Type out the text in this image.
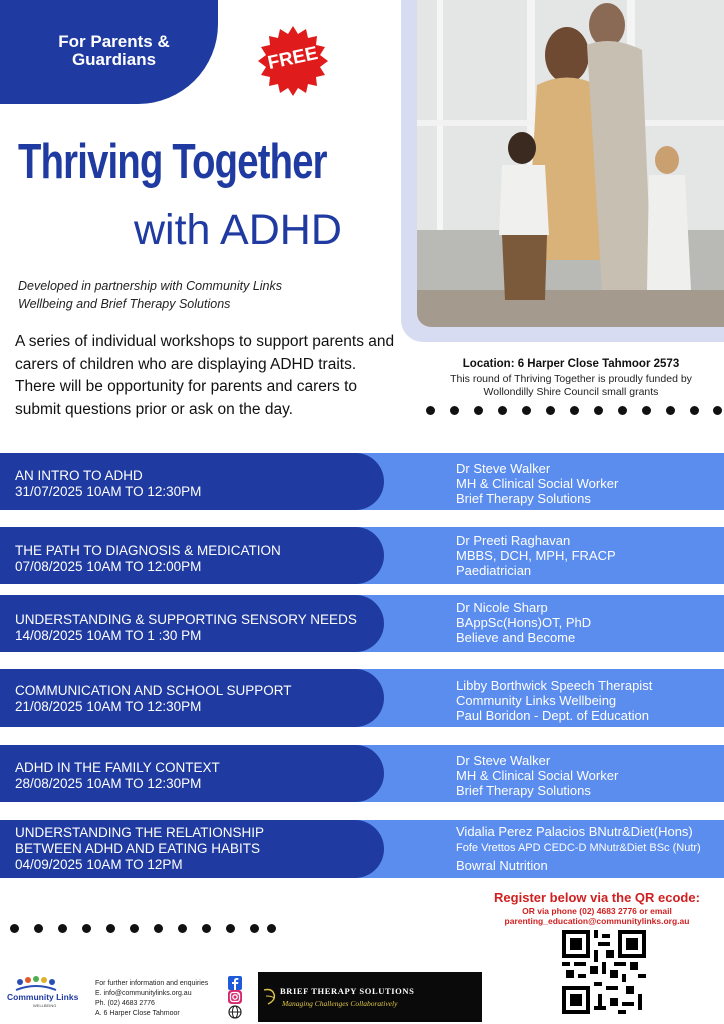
For Parents &
Guardians	FREE
Thriving Together
with ADHD
Developed in partnership with Community Links Wellbeing and Brief Therapy Solutions
A series of individual workshops to support parents and carers of children who are displaying ADHD traits. There will be opportunity for parents and carers to submit questions prior or ask on the day.
Location: 6 Harper Close Tahmoor 2573
This round of Thriving Together is proudly funded by
Wollondilly Shire Council small grants
AN INTRO TO ADHD
31/07/2025 10AM TO 12:30PM
Dr Steve Walker
MH & Clinical Social Worker
Brief Therapy Solutions
THE PATH TO DIAGNOSIS & MEDICATION
07/08/2025 10AM TO 12:00PM
Dr Preeti Raghavan
MBBS, DCH, MPH, FRACP
Paediatrician
UNDERSTANDING & SUPPORTING SENSORY NEEDS
14/08/2025 10AM TO 1 :30 PM
Dr Nicole Sharp
BAppSc(Hons)OT, PhD
Believe and Become
COMMUNICATION AND SCHOOL SUPPORT
21/08/2025 10AM TO 12:30PM
Libby Borthwick Speech Therapist
Community Links Wellbeing
Paul Boridon - Dept. of Education
ADHD IN THE FAMILY CONTEXT
28/08/2025 10AM TO 12:30PM
Dr Steve Walker
MH & Clinical Social Worker
Brief Therapy Solutions
UNDERSTANDING THE RELATIONSHIP
BETWEEN ADHD AND EATING HABITS
04/09/2025 10AM TO 12PM
Vidalia Perez Palacios BNutr&Diet(Hons)
Fofe Vrettos APD CEDC-D MNutr&Diet BSc (Nutr)
Bowral Nutrition
Register below via the QR ecode:
OR via phone (02) 4683 2776 or email
parenting_education@communitylinks.org.au
Community Links
WELLBEING
For further information and enquiries
E. info@communitylinks.org.au
Ph. (02) 4683 2776
A. 6 Harper Close Tahmoor
BRIEF THERAPY SOLUTIONS
Managing Challenges Collaboratively
